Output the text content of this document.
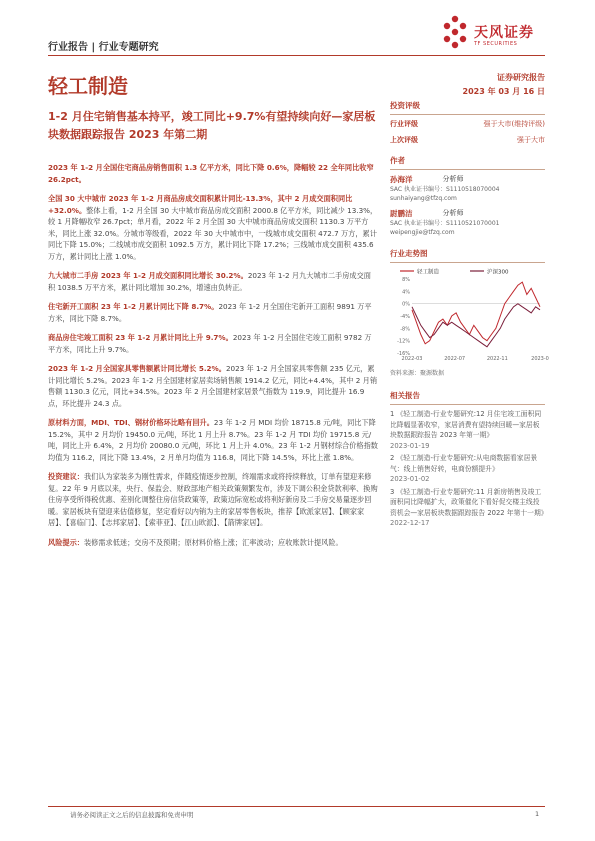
行业报告 | 行业专题研究
天风证券
TF SECURITIES
轻工制造	证券研究报告
2023 年 03 月 16 日
1-2 月住宅销售基本持平，竣工同比+9.7%有望持续向好—家居板块数据跟踪报告 2023 年第二期

2023 年 1-2 月全国住宅商品房销售面积 1.3 亿平方米，同比下降 0.6%，降幅较 22 全年同比收窄 26.2pct。

全国 30 大中城市 2023 年 1-2 月商品房成交面积累计同比-13.3%，其中 2 月成交面积同比+32.0%。整体上看，1-2 月全国 30 大中城市商品房成交面积 2000.8 亿平方米，同比减少 13.3%，较 1 月降幅收窄 26.7pct；单月看，2022 年 2 月全国 30 大中城市商品房成交面积 1130.3 万平方米，同比上涨 32.0%。分城市等级看，2022 年 30 大中城市中，一线城市成交面积 472.7 万方，累计同比下降 15.0%；二线城市成交面积 1092.5 万方，累计同比下降 17.2%；三线城市成交面积 435.6 万方，累计同比上涨 1.0%。

九大城市二手房 2023 年 1-2 月成交面积同比增长 30.2%。2023 年 1-2 月九大城市二手房成交面积 1038.5 万平方米，累计同比增加 30.2%，增速由负转正。

住宅新开工面积 23 年 1-2 月累计同比下降 8.7%。2023 年 1-2 月全国住宅新开工面积 9891 万平方米，同比下降 8.7%。

商品房住宅竣工面积 23 年 1-2 月累计同比上升 9.7%。2023 年 1-2 月全国住宅竣工面积 9782 万平方米，同比上升 9.7%。

2023 年 1-2 月全国家具零售额累计同比增长 5.2%。2023 年 1-2 月全国家具零售额 235 亿元，累计同比增长 5.2%。2023 年 1-2 月全国建材家居卖场销售额 1914.2 亿元，同比+4.4%，其中 2 月销售额 1130.3 亿元，同比+34.5%。2023 年 2 月全国建材家居景气指数为 119.9，同比提升 16.9 点，环比提升 24.3 点。

原材料方面，MDI、TDI、钢材价格环比略有回升。23 年 1-2 月 MDI 均价 18715.8 元/吨，同比下降 15.2%，其中 2 月均价 19450.0 元/吨，环比 1 月上升 8.7%。23 年 1-2 月 TDI 均价 19715.8 元/吨，同比上升 6.4%，2 月均价 20080.0 元/吨，环比 1 月上升 4.0%。23 年 1-2 月钢材综合价格指数均值为 116.2，同比下降 13.4%，2 月单月均值为 116.8，同比下降 14.5%，环比上涨 1.8%。

投资建议：我们认为家装多为刚性需求，伴随疫情逐步控制，终端需求或将持续释放，订单有望迎来修复。22 年 9 月底以来，央行、保监会、财政部地产相关政策频繁发布，涉及下调公积金贷款利率、换购住房享受所得税优惠、差别化调整住房信贷政策等，政策边际宽松或将利好新房及二手房交易量逐步回暖。家居板块有望迎来估值修复，坚定看好以内销为主的家居零售板块，推荐【欧派家居】、【顾家家居】、【喜临门】、【志邦家居】、【索菲亚】、【江山欧派】、【箭牌家居】。

风险提示：装修需求低迷；交房不及预期；原材料价格上涨；汇率波动；应收账款计提风险。

投资评级
行业评级	强于大市(维持评级)
上次评级	强于大市
作者
孙海洋	分析师
SAC 执业证书编号：S1110518070004
sunhaiyang@tfzq.com
尉鹏洁	分析师
SAC 执业证书编号：S1110521070001
weipengjie@tfzq.com
行业走势图
轻工制造	沪深300
8%
4%
0%
-4%
-8%
-12%
-16%
2022-03	2022-07	2022-11	2023-0
资料来源：聚源数据
相关报告
1 《轻工制造-行业专题研究:12 月住宅竣工面积同比降幅显著收窄，家居消费有望持续回暖—家居板块数据跟踪报告 2023 年第一期》
2023-01-19
2 《轻工制造-行业专题研究:从电商数据看家居景气：线上销售好转，电商份额提升》
2023-01-02
3 《轻工制造-行业专题研究:11 月新房销售及竣工面积同比降幅扩大，政策催化下看好促交楼主线投资机会—家居板块数据跟踪报告 2022 年第十一期》
2022-12-17
请务必阅读正文之后的信息披露和免责申明	1
